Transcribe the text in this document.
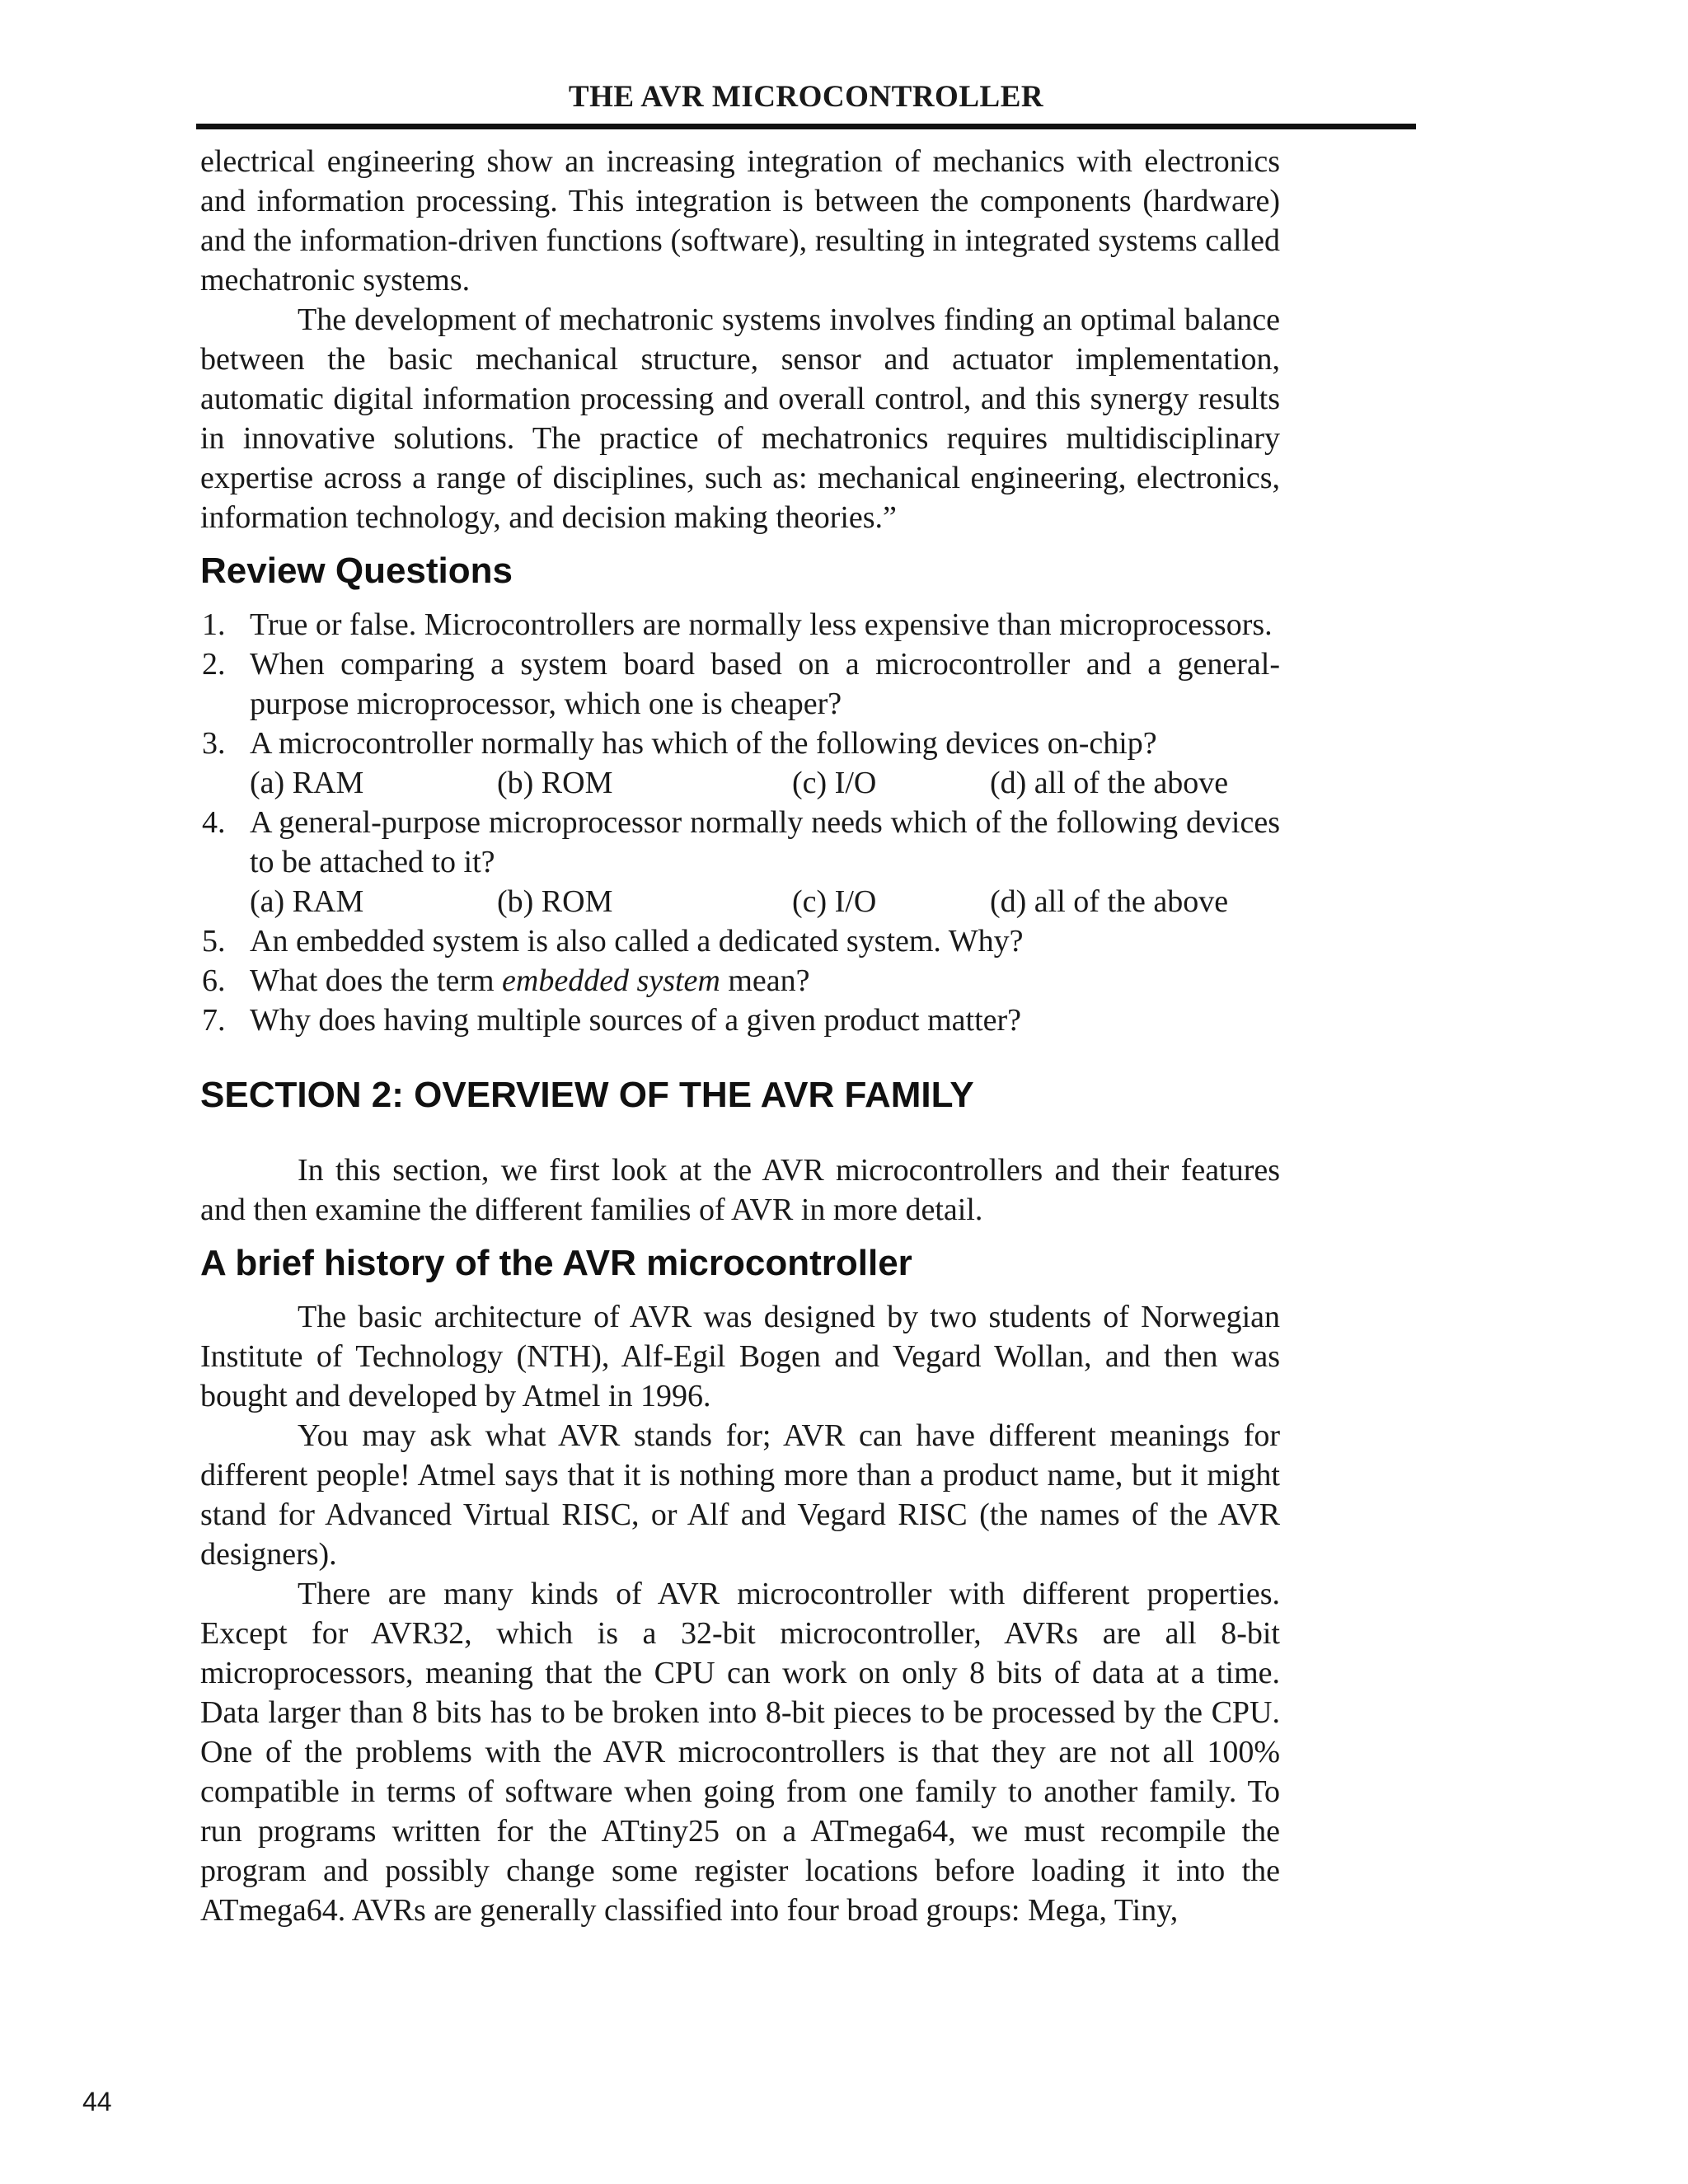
THE AVR MICROCONTROLLER

electrical engineering show an increasing integration of mechanics with electronics and information processing. This integration is between the components (hardware) and the information-driven functions (software), resulting in integrated systems called mechatronic systems.

The development of mechatronic systems involves finding an optimal balance between the basic mechanical structure, sensor and actuator implementation, automatic digital information processing and overall control, and this synergy results in innovative solutions. The practice of mechatronics requires multidisciplinary expertise across a range of disciplines, such as: mechanical engineering, electronics, information technology, and decision making theories.”

Review Questions
1. True or false. Microcontrollers are normally less expensive than microprocessors.
2. When comparing a system board based on a microcontroller and a general-purpose microprocessor, which one is cheaper?
3. A microcontroller normally has which of the following devices on-chip?
(a) RAM	(b) ROM	(c) I/O	(d) all of the above
4. A general-purpose microprocessor normally needs which of the following devices to be attached to it?
(a) RAM	(b) ROM	(c) I/O	(d) all of the above
5. An embedded system is also called a dedicated system. Why?
6. What does the term embedded system mean?
7. Why does having multiple sources of a given product matter?
SECTION 2: OVERVIEW OF THE AVR FAMILY

In this section, we first look at the AVR microcontrollers and their features and then examine the different families of AVR in more detail.

A brief history of the AVR microcontroller

The basic architecture of AVR was designed by two students of Norwegian Institute of Technology (NTH), Alf-Egil Bogen and Vegard Wollan, and then was bought and developed by Atmel in 1996.

You may ask what AVR stands for; AVR can have different meanings for different people! Atmel says that it is nothing more than a product name, but it might stand for Advanced Virtual RISC, or Alf and Vegard RISC (the names of the AVR designers).

There are many kinds of AVR microcontroller with different properties. Except for AVR32, which is a 32-bit microcontroller, AVRs are all 8-bit microprocessors, meaning that the CPU can work on only 8 bits of data at a time. Data larger than 8 bits has to be broken into 8-bit pieces to be processed by the CPU. One of the problems with the AVR microcontrollers is that they are not all 100% compatible in terms of software when going from one family to another family. To run programs written for the ATtiny25 on a ATmega64, we must recompile the program and possibly change some register locations before loading it into the ATmega64. AVRs are generally classified into four broad groups: Mega, Tiny,

44
